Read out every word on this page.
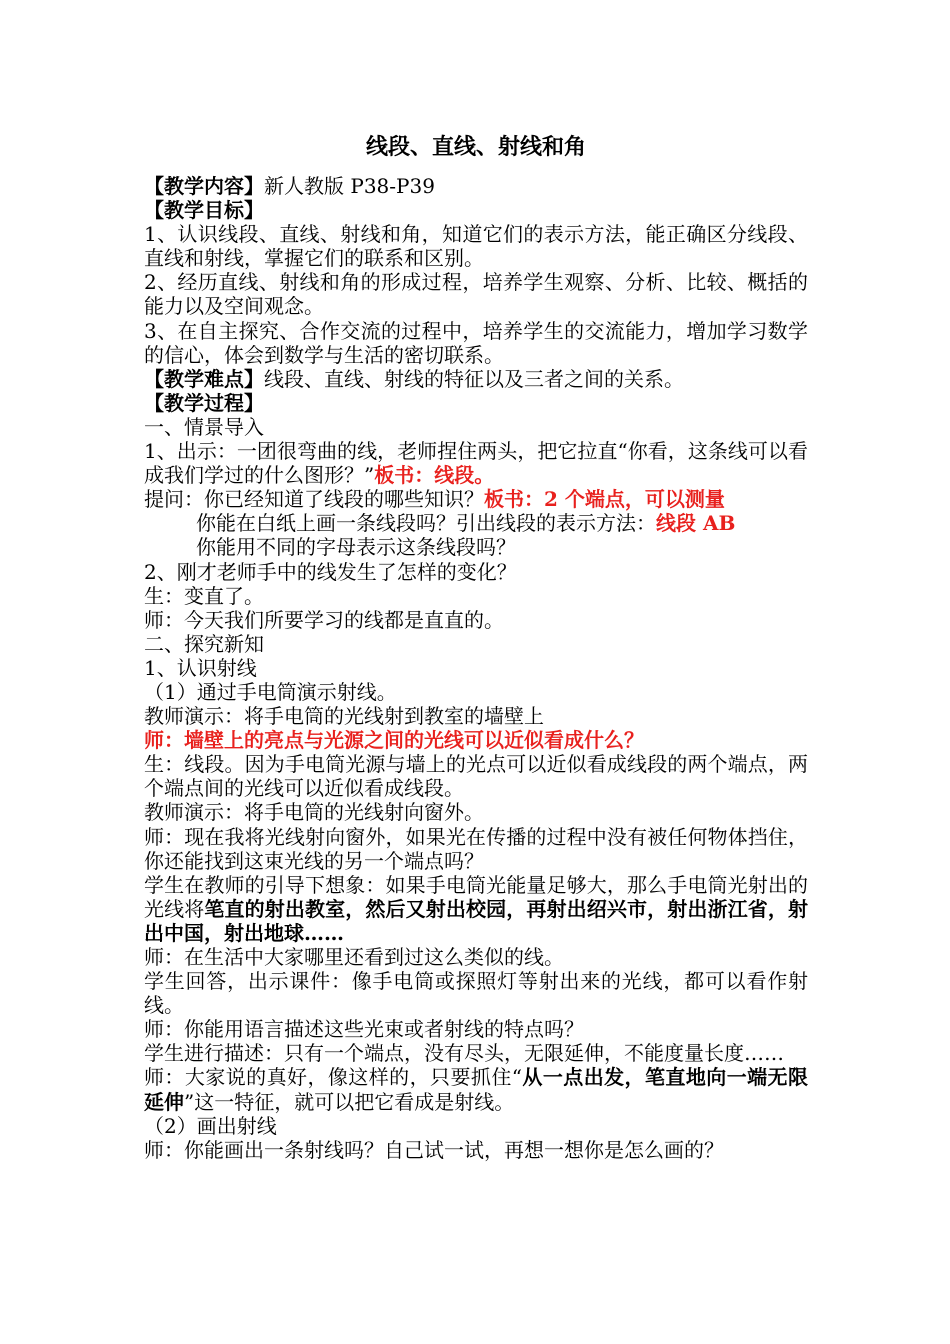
线段、直线、射线和角

【教学内容】新人教版 P38-P39

【教学目标】

1、认识线段、直线、射线和角，知道它们的表示方法，能正确区分线段、直线和射线，掌握它们的联系和区别。

2、经历直线、射线和角的形成过程，培养学生观察、分析、比较、概括的能力以及空间观念。

3、在自主探究、合作交流的过程中，培养学生的交流能力，增加学习数学的信心，体会到数学与生活的密切联系。

【教学难点】线段、直线、射线的特征以及三者之间的关系。

【教学过程】

一、情景导入

1、出示：一团很弯曲的线，老师捏住两头，把它拉直“你看，这条线可以看成我们学过的什么图形？”板书：线段。

提问：你已经知道了线段的哪些知识？板书：2 个端点，可以测量

你能在白纸上画一条线段吗？引出线段的表示方法：线段 AB

你能用不同的字母表示这条线段吗？

2、刚才老师手中的线发生了怎样的变化？

生：变直了。

师：今天我们所要学习的线都是直直的。

二、探究新知

1、认识射线

（1）通过手电筒演示射线。

教师演示：将手电筒的光线射到教室的墙壁上

师：墙壁上的亮点与光源之间的光线可以近似看成什么？

生：线段。因为手电筒光源与墙上的光点可以近似看成线段的两个端点，两个端点间的光线可以近似看成线段。

教师演示：将手电筒的光线射向窗外。

师：现在我将光线射向窗外，如果光在传播的过程中没有被任何物体挡住，你还能找到这束光线的另一个端点吗？

学生在教师的引导下想象：如果手电筒光能量足够大，那么手电筒光射出的光线将笔直的射出教室，然后又射出校园，再射出绍兴市，射出浙江省，射出中国，射出地球……

师：在生活中大家哪里还看到过这么类似的线。

学生回答，出示课件：像手电筒或探照灯等射出来的光线，都可以看作射线。

师：你能用语言描述这些光束或者射线的特点吗？

学生进行描述：只有一个端点，没有尽头，无限延伸，不能度量长度……

师：大家说的真好，像这样的，只要抓住“从一点出发，笔直地向一端无限延伸”这一特征，就可以把它看成是射线。

（2）画出射线

师：你能画出一条射线吗？自己试一试，再想一想你是怎么画的？
